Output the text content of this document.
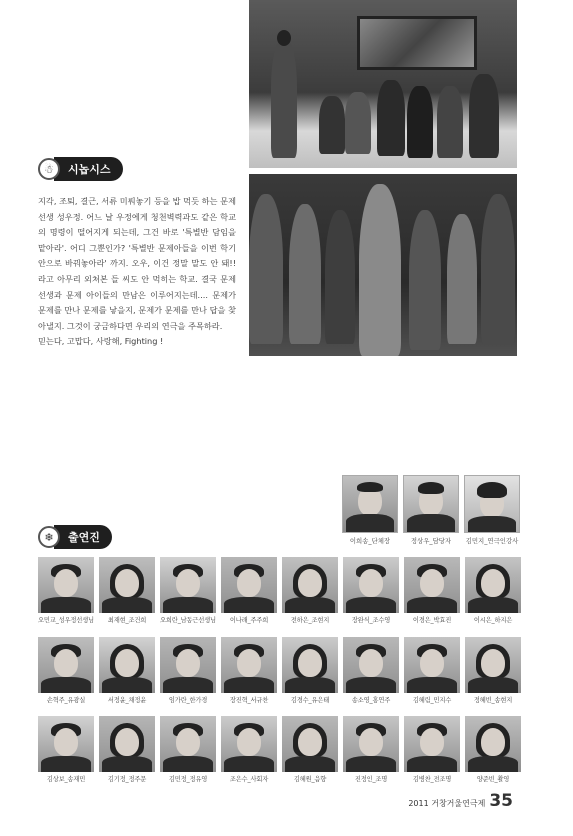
☃	시놉시스

지각, 조퇴, 결근, 서류 미뤄놓기 등을 밥 먹듯 하는 문제 선생 성우정. 어느 날 우정에게 청천벽력과도 같은 학교의 명령이 떨어지게 되는데, 그건 바로 '특별반 담임을 맡아라'. 어디 그뿐인가? '특별반 문제아들을 이번 학기 안으로 바꿔놓아라' 까지. 오우, 이건 정말 말도 안 돼!! 라고 아무리 외쳐본 들 씨도 안 먹히는 학교. 결국 문제 선생과 문제 아이들의 만남은 이루어지는데.... 문제가 문제를 만나 문제를 낳을지, 문제가 문제를 만나 답을 찾아낼지. 그것이 궁금하다면 우리의 연극을 주목하라.

믿는다, 고맙다, 사랑해, Fighting !

이희송_단체장	정상우_담당자	김민지_연극인강사
❄	출연진
오민교_성우정선생님	최재현_조건희	오희란_남동근선생님	이나래_주주희	전하은_조현지	장완식_조수영	이경은_박효진	이시은_하지은
손혁주_유광실	서정윤_채정윤	임가란_한가경	장진혁_서규찬	김경수_유은태	송소영_홍연주	김혜림_민지수	정혜빈_송현지
김상보_송재민	김기정_정주문	김민정_정유영	조은수_사회자	김혜원_음향	진정인_조명	김병찬_전조명	양준빈_촬영
2011 거창거울연극제 35
